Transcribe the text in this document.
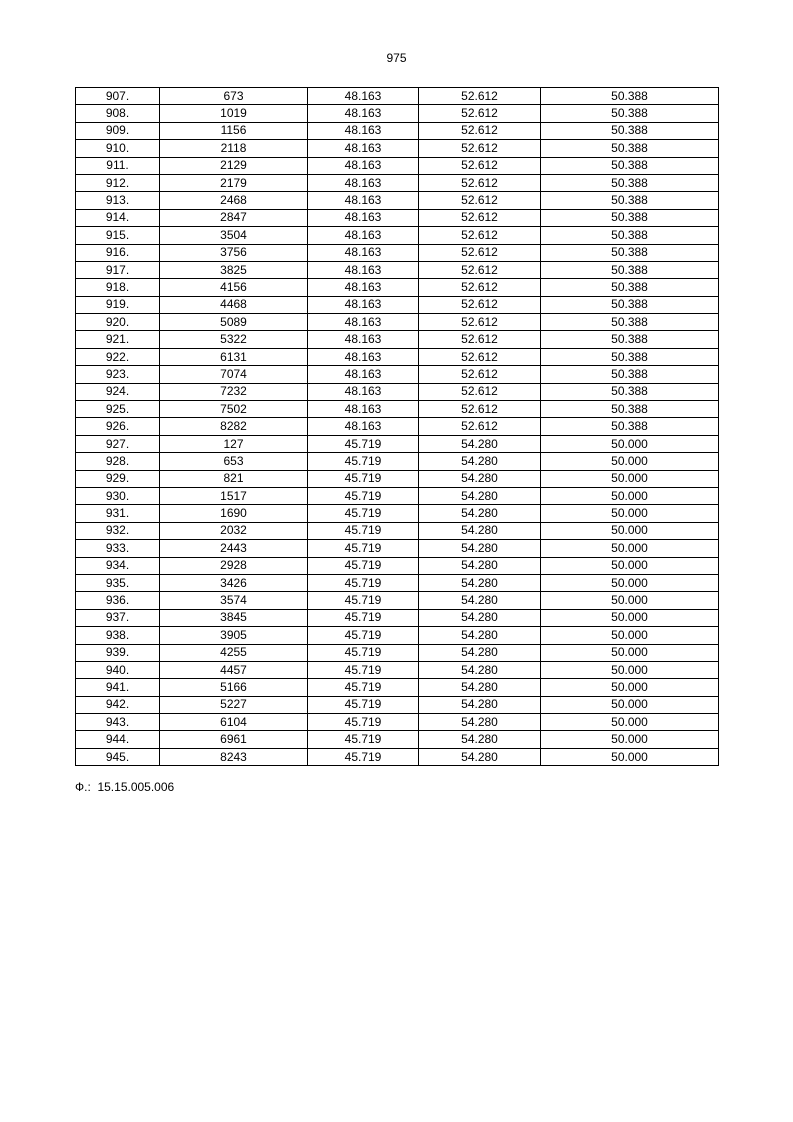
975
907.	673	48.163	52.612	50.388
908.	1019	48.163	52.612	50.388
909.	1156	48.163	52.612	50.388
910.	2118	48.163	52.612	50.388
911.	2129	48.163	52.612	50.388
912.	2179	48.163	52.612	50.388
913.	2468	48.163	52.612	50.388
914.	2847	48.163	52.612	50.388
915.	3504	48.163	52.612	50.388
916.	3756	48.163	52.612	50.388
917.	3825	48.163	52.612	50.388
918.	4156	48.163	52.612	50.388
919.	4468	48.163	52.612	50.388
920.	5089	48.163	52.612	50.388
921.	5322	48.163	52.612	50.388
922.	6131	48.163	52.612	50.388
923.	7074	48.163	52.612	50.388
924.	7232	48.163	52.612	50.388
925.	7502	48.163	52.612	50.388
926.	8282	48.163	52.612	50.388
927.	127	45.719	54.280	50.000
928.	653	45.719	54.280	50.000
929.	821	45.719	54.280	50.000
930.	1517	45.719	54.280	50.000
931.	1690	45.719	54.280	50.000
932.	2032	45.719	54.280	50.000
933.	2443	45.719	54.280	50.000
934.	2928	45.719	54.280	50.000
935.	3426	45.719	54.280	50.000
936.	3574	45.719	54.280	50.000
937.	3845	45.719	54.280	50.000
938.	3905	45.719	54.280	50.000
939.	4255	45.719	54.280	50.000
940.	4457	45.719	54.280	50.000
941.	5166	45.719	54.280	50.000
942.	5227	45.719	54.280	50.000
943.	6104	45.719	54.280	50.000
944.	6961	45.719	54.280	50.000
945.	8243	45.719	54.280	50.000
Ф.:  15.15.005.006
